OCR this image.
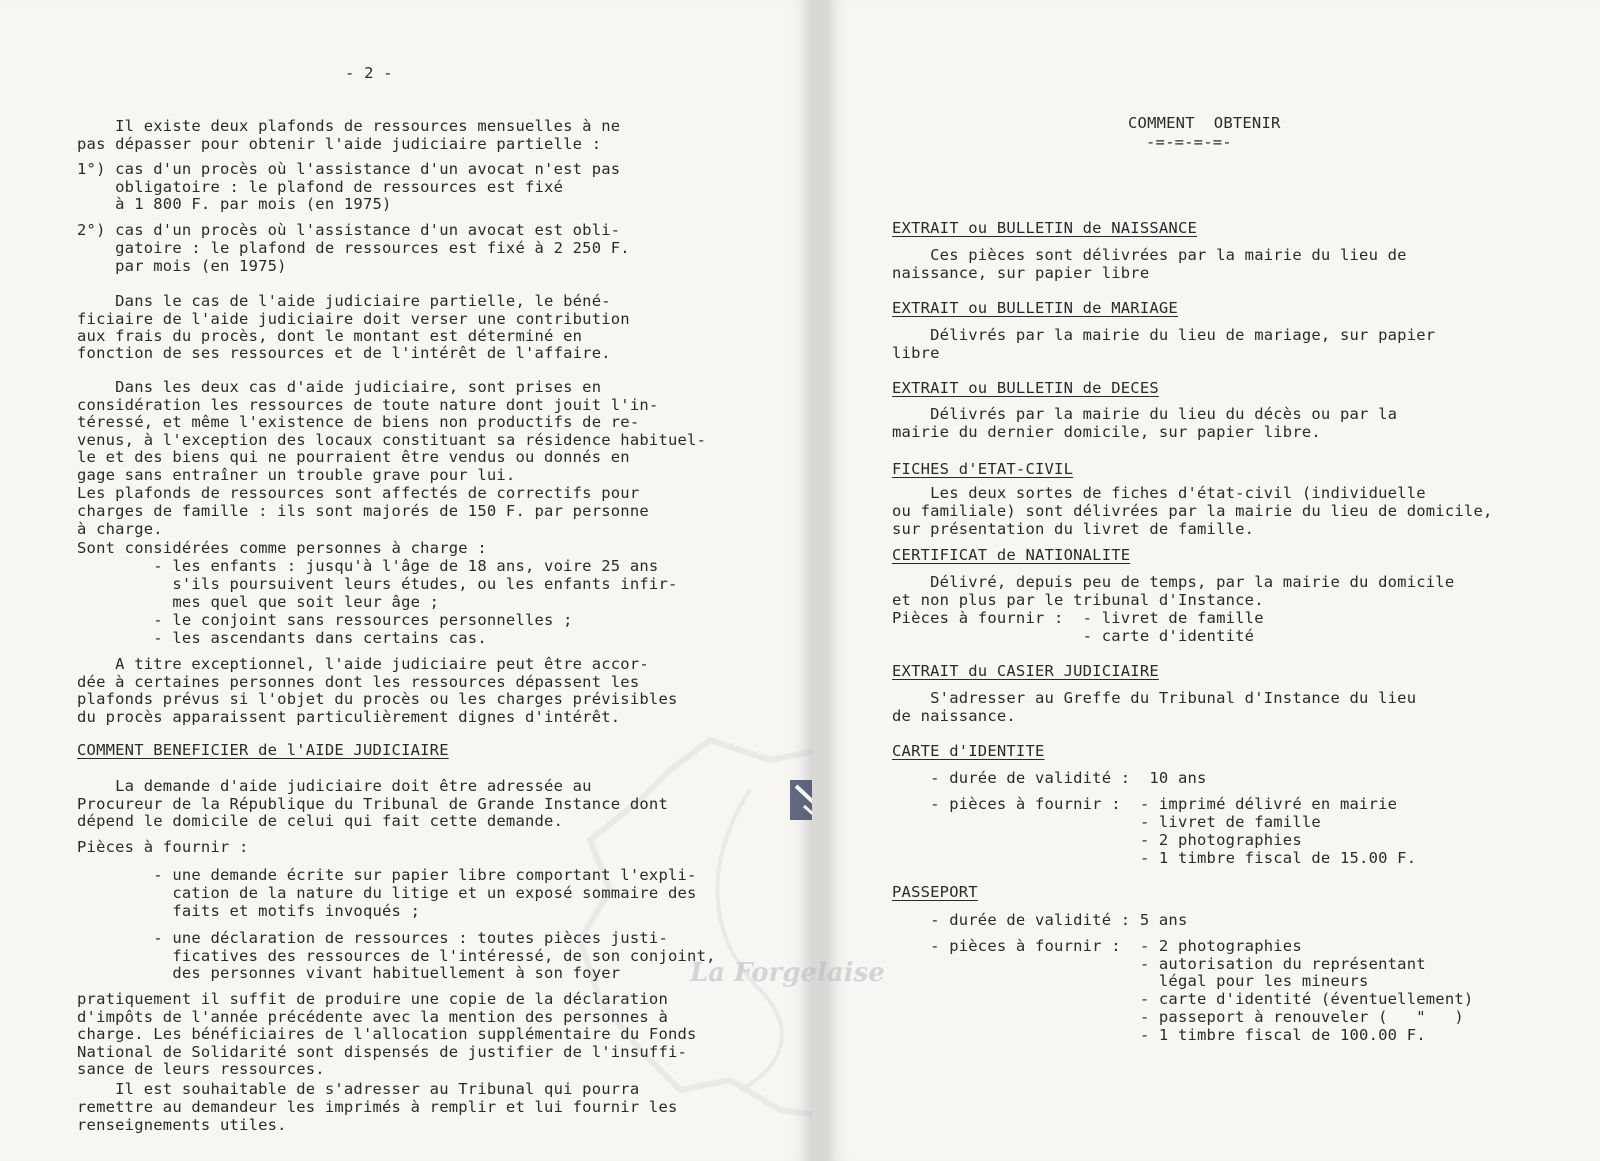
- 2 -
Il existe deux plafonds de ressources mensuelles à ne
pas dépasser pour obtenir l'aide judiciaire partielle :
1°) cas d'un procès où l'assistance d'un avocat n'est pas
obligatoire : le plafond de ressources est fixé
à 1 800 F. par mois (en 1975)
2°) cas d'un procès où l'assistance d'un avocat est obli-
gatoire : le plafond de ressources est fixé à 2 250 F.
par mois (en 1975)
Dans le cas de l'aide judiciaire partielle, le béné-
ficiaire de l'aide judiciaire doit verser une contribution
aux frais du procès, dont le montant est déterminé en
fonction de ses ressources et de l'intérêt de l'affaire.
Dans les deux cas d'aide judiciaire, sont prises en
considération les ressources de toute nature dont jouit l'in-
téressé, et même l'existence de biens non productifs de re-
venus, à l'exception des locaux constituant sa résidence habituel-
le et des biens qui ne pourraient être vendus ou donnés en
gage sans entraîner un trouble grave pour lui.
Les plafonds de ressources sont affectés de correctifs pour
charges de famille : ils sont majorés de 150 F. par personne
à charge.
Sont considérées comme personnes à charge :
- les enfants : jusqu'à l'âge de 18 ans, voire 25 ans
s'ils poursuivent leurs études, ou les enfants infir-
mes quel que soit leur âge ;
- le conjoint sans ressources personnelles ;
- les ascendants dans certains cas.
A titre exceptionnel, l'aide judiciaire peut être accor-
dée à certaines personnes dont les ressources dépassent les
plafonds prévus si l'objet du procès ou les charges prévisibles
du procès apparaissent particulièrement dignes d'intérêt.
COMMENT BENEFICIER de l'AIDE JUDICIAIRE
La demande d'aide judiciaire doit être adressée au
Procureur de la République du Tribunal de Grande Instance dont
dépend le domicile de celui qui fait cette demande.
Pièces à fournir :
- une demande écrite sur papier libre comportant l'expli-
cation de la nature du litige et un exposé sommaire des
faits et motifs invoqués ;
- une déclaration de ressources : toutes pièces justi-
ficatives des ressources de l'intéressé, de son conjoint,
des personnes vivant habituellement à son foyer
pratiquement il suffit de produire une copie de la déclaration
d'impôts de l'année précédente avec la mention des personnes à
charge. Les bénéficiaires de l'allocation supplémentaire du Fonds
National de Solidarité sont dispensés de justifier de l'insuffi-
sance de leurs ressources.
Il est souhaitable de s'adresser au Tribunal qui pourra
remettre au demandeur les imprimés à remplir et lui fournir les
renseignements utiles.
COMMENT  OBTENIR
-=-=-=-=-
EXTRAIT ou BULLETIN de NAISSANCE
Ces pièces sont délivrées par la mairie du lieu de
naissance, sur papier libre
EXTRAIT ou BULLETIN de MARIAGE
Délivrés par la mairie du lieu de mariage, sur papier
libre
EXTRAIT ou BULLETIN de DECES
Délivrés par la mairie du lieu du décès ou par la
mairie du dernier domicile, sur papier libre.
FICHES d'ETAT-CIVIL
Les deux sortes de fiches d'état-civil (individuelle
ou familiale) sont délivrées par la mairie du lieu de domicile,
sur présentation du livret de famille.
CERTIFICAT de NATIONALITE
Délivré, depuis peu de temps, par la mairie du domicile
et non plus par le tribunal d'Instance.
Pièces à fournir :  - livret de famille
- carte d'identité
EXTRAIT du CASIER JUDICIAIRE
S'adresser au Greffe du Tribunal d'Instance du lieu
de naissance.
CARTE d'IDENTITE
- durée de validité :  10 ans
- pièces à fournir :  - imprimé délivré en mairie
- livret de famille
- 2 photographies
- 1 timbre fiscal de 15.00 F.
PASSEPORT
- durée de validité : 5 ans
- pièces à fournir :  - 2 photographies
- autorisation du représentant
légal pour les mineurs
- carte d'identité (éventuellement)
- passeport à renouveler (   "   )
- 1 timbre fiscal de 100.00 F.
La Forgelaise
